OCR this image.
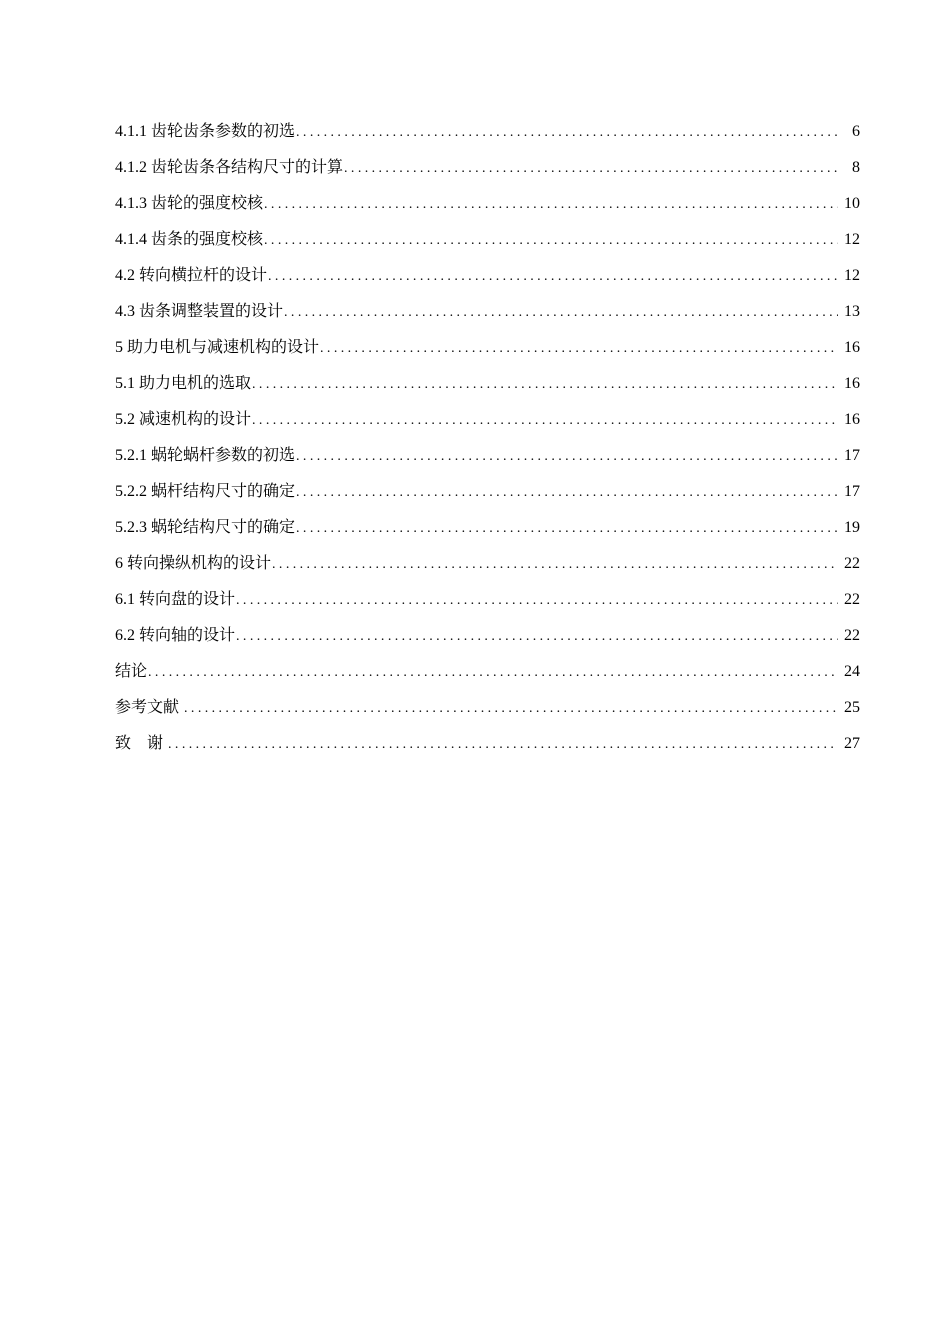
4.1.1 齿轮齿条参数的初选 .....	6
4.1.2 齿轮齿条各结构尺寸的计算 .....	8
4.1.3 齿轮的强度校核 .....	10
4.1.4 齿条的强度校核 .....	12
4.2 转向横拉杆的设计 .....	12
4.3 齿条调整装置的设计 .....	13
5 助力电机与减速机构的设计 .....	16
5.1 助力电机的选取 .....	16
5.2 减速机构的设计 .....	16
5.2.1 蜗轮蜗杆参数的初选 .....	17
5.2.2 蜗杆结构尺寸的确定 .....	17
5.2.3 蜗轮结构尺寸的确定 .....	19
6 转向操纵机构的设计 .....	22
6.1 转向盘的设计 .....	22
6.2 转向轴的设计 .....	22
结论 .....	24
参考文献 .....	25
致    谢 .....	27
